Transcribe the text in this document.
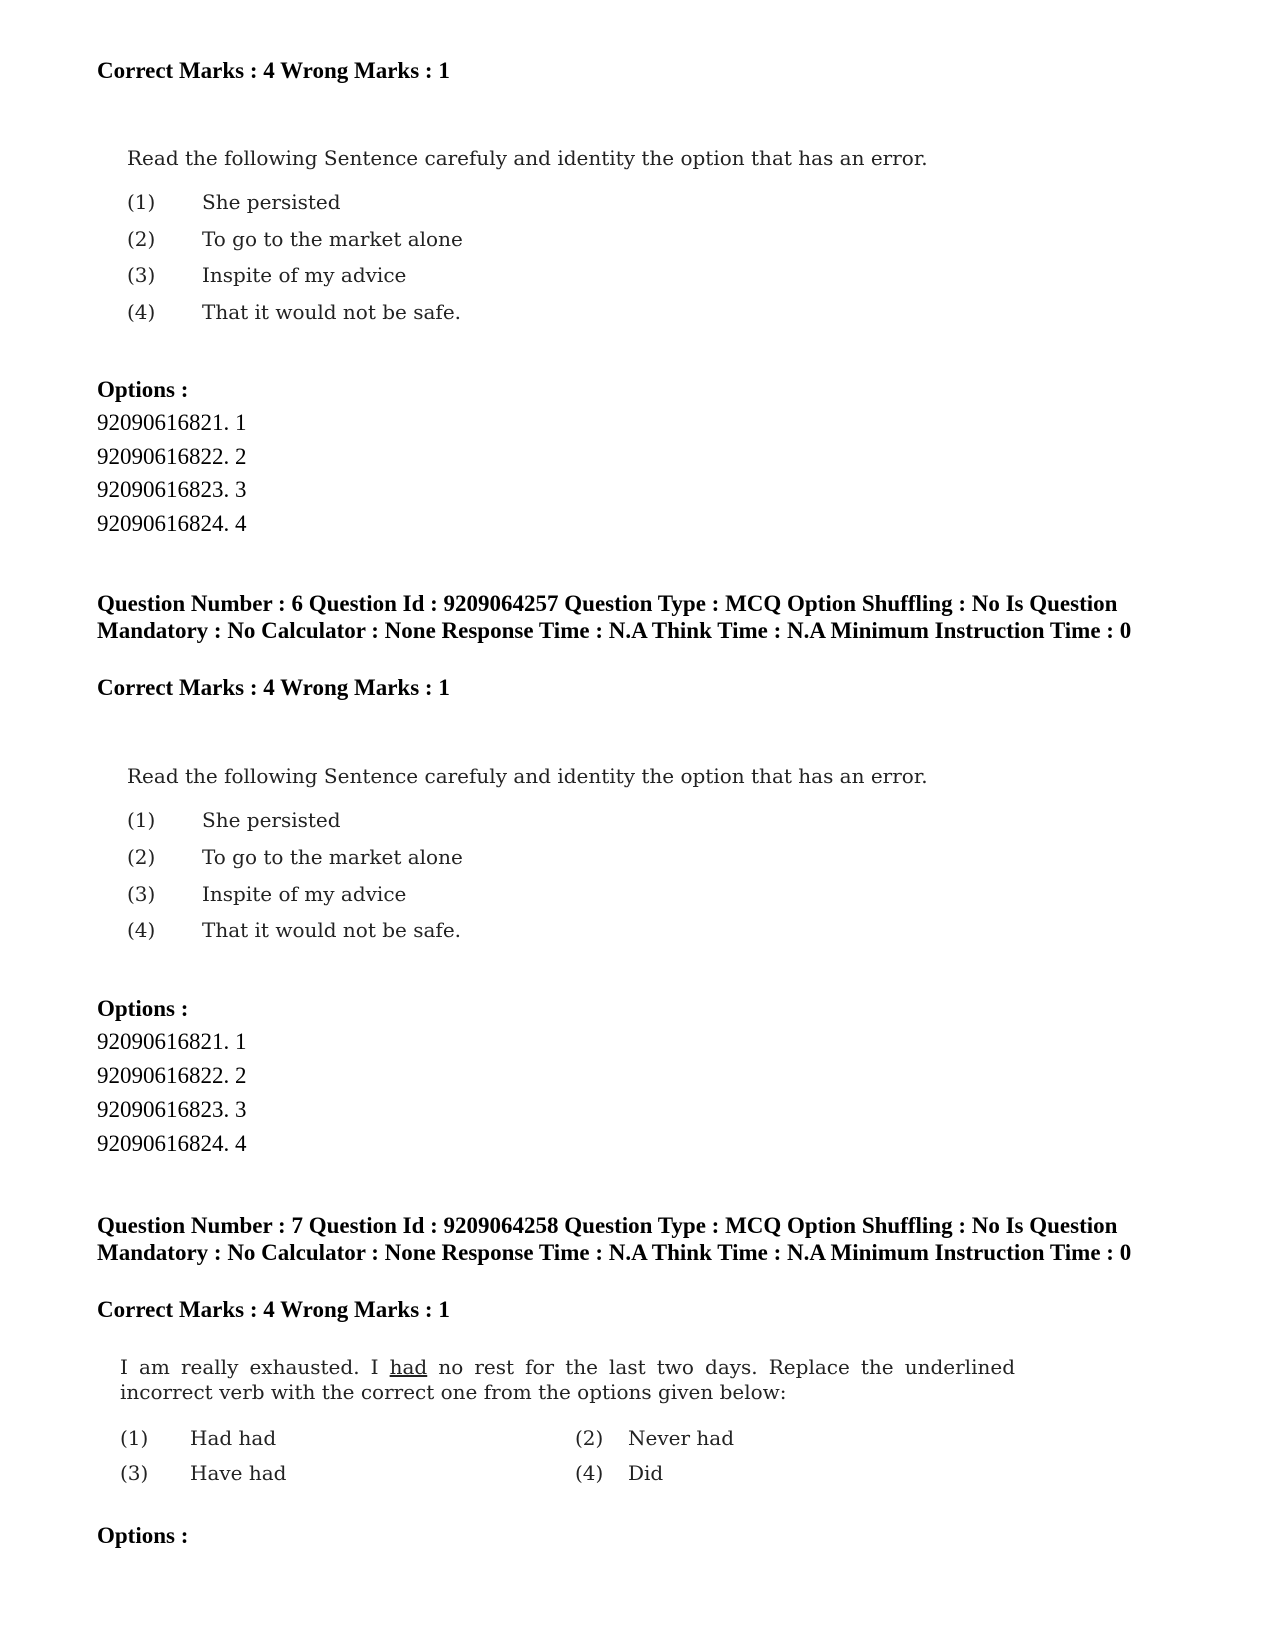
Correct Marks : 4 Wrong Marks : 1
Read the following Sentence carefuly and identity the option that has an error.
(1) She persisted
(2) To go to the market alone
(3) Inspite of my advice
(4) That it would not be safe.
Options :
92090616821. 1
92090616822. 2
92090616823. 3
92090616824. 4
Question Number : 6 Question Id : 9209064257 Question Type : MCQ Option Shuffling : No Is Question Mandatory : No Calculator : None Response Time : N.A Think Time : N.A Minimum Instruction Time : 0
Correct Marks : 4 Wrong Marks : 1
Read the following Sentence carefuly and identity the option that has an error.
(1) She persisted
(2) To go to the market alone
(3) Inspite of my advice
(4) That it would not be safe.
Options :
92090616821. 1
92090616822. 2
92090616823. 3
92090616824. 4
Question Number : 7 Question Id : 9209064258 Question Type : MCQ Option Shuffling : No Is Question Mandatory : No Calculator : None Response Time : N.A Think Time : N.A Minimum Instruction Time : 0
Correct Marks : 4 Wrong Marks : 1
I am really exhausted. I had no rest for the last two days. Replace the underlined incorrect verb with the correct one from the options given below:
(1) Had had	(2) Never had
(3) Have had	(4) Did
Options :
